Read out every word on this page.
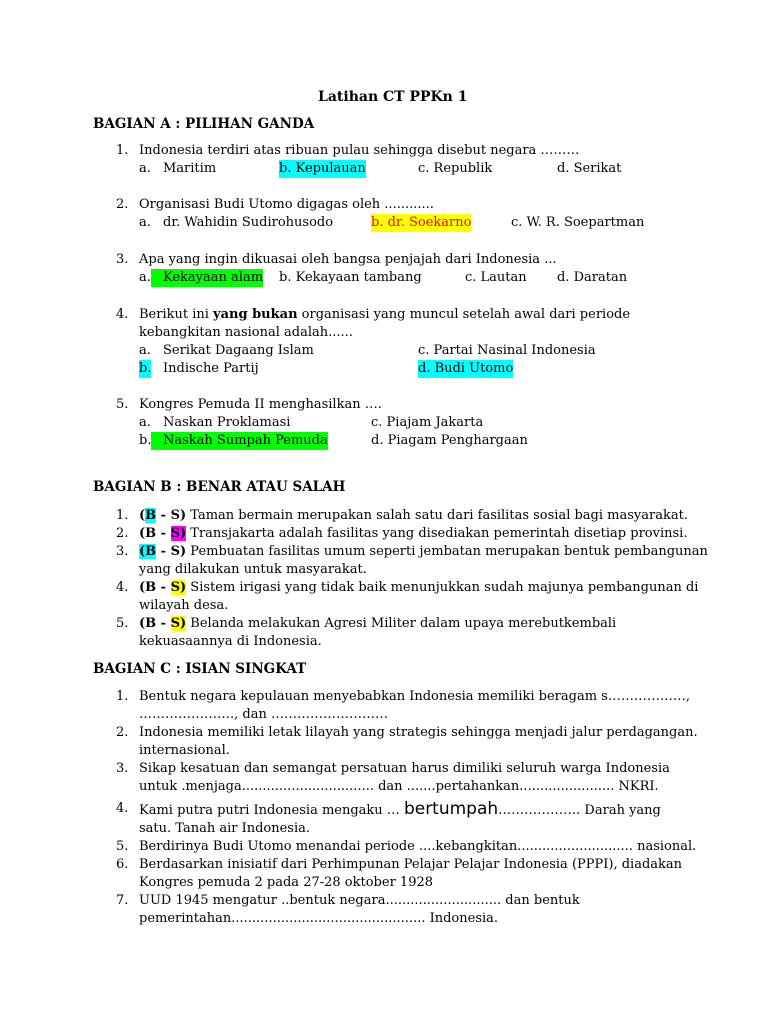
Latihan CT PPKn 1
BAGIAN A : PILIHAN GANDA
1. Indonesia terdiri atas ribuan pulau sehingga disebut negara ………
a. Maritim	b. Kepulauan	c. Republik	d. Serikat
2. Organisasi Budi Utomo digagas oleh ............
a. dr. Wahidin Sudirohusodo	b. dr. Soekarno	c. W. R. Soepartman
3. Apa yang ingin dikuasai oleh bangsa penjajah dari Indonesia ...
a. Kekayaan alam b. Kekayaan tambang	c. Lautan d. Daratan
4. Berikut ini yang bukan organisasi yang muncul setelah awal dari periode
kebangkitan nasional adalah......
a. Serikat Dagaang Islam	c. Partai Nasinal Indonesia
b. Indische Partij	d. Budi Utomo
5. Kongres Pemuda II menghasilkan ….
a. Naskan Proklamasi	c. Piajam Jakarta
b. Naskah Sumpah Pemuda	d. Piagam Penghargaan
BAGIAN B : BENAR ATAU SALAH
1. (B - S) Taman bermain merupakan salah satu dari fasilitas sosial bagi masyarakat.
2. (B - S) Transjakarta adalah fasilitas yang disediakan pemerintah disetiap provinsi.
3. (B - S) Pembuatan fasilitas umum seperti jembatan merupakan bentuk pembangunan
yang dilakukan untuk masyarakat.
4. (B - S) Sistem irigasi yang tidak baik menunjukkan sudah majunya pembangunan di
wilayah desa.
5. (B - S) Belanda melakukan Agresi Militer dalam upaya merebutkembali
kekuasaannya di Indonesia.
BAGIAN C : ISIAN SINGKAT
1. Bentuk negara kepulauan menyebabkan Indonesia memiliki beragam s………………,
…………………., dan ………………………
2. Indonesia memiliki letak lilayah yang strategis sehingga menjadi jalur perdagangan.
internasional.
3. Sikap kesatuan dan semangat persatuan harus dimiliki seluruh warga Indonesia
untuk .menjaga................................ dan .......pertahankan....................... NKRI.
4. Kami putra putri Indonesia mengaku … bertumpah………………. Darah yang
satu. Tanah air Indonesia.
5. Berdirinya Budi Utomo menandai periode ....kebangkitan............................ nasional.
6. Berdasarkan inisiatif dari Perhimpunan Pelajar Pelajar Indonesia (PPPI), diadakan
Kongres pemuda 2 pada 27-28 oktober 1928
7. UUD 1945 mengatur ..bentuk negara............................ dan bentuk
pemerintahan............................................... Indonesia.
